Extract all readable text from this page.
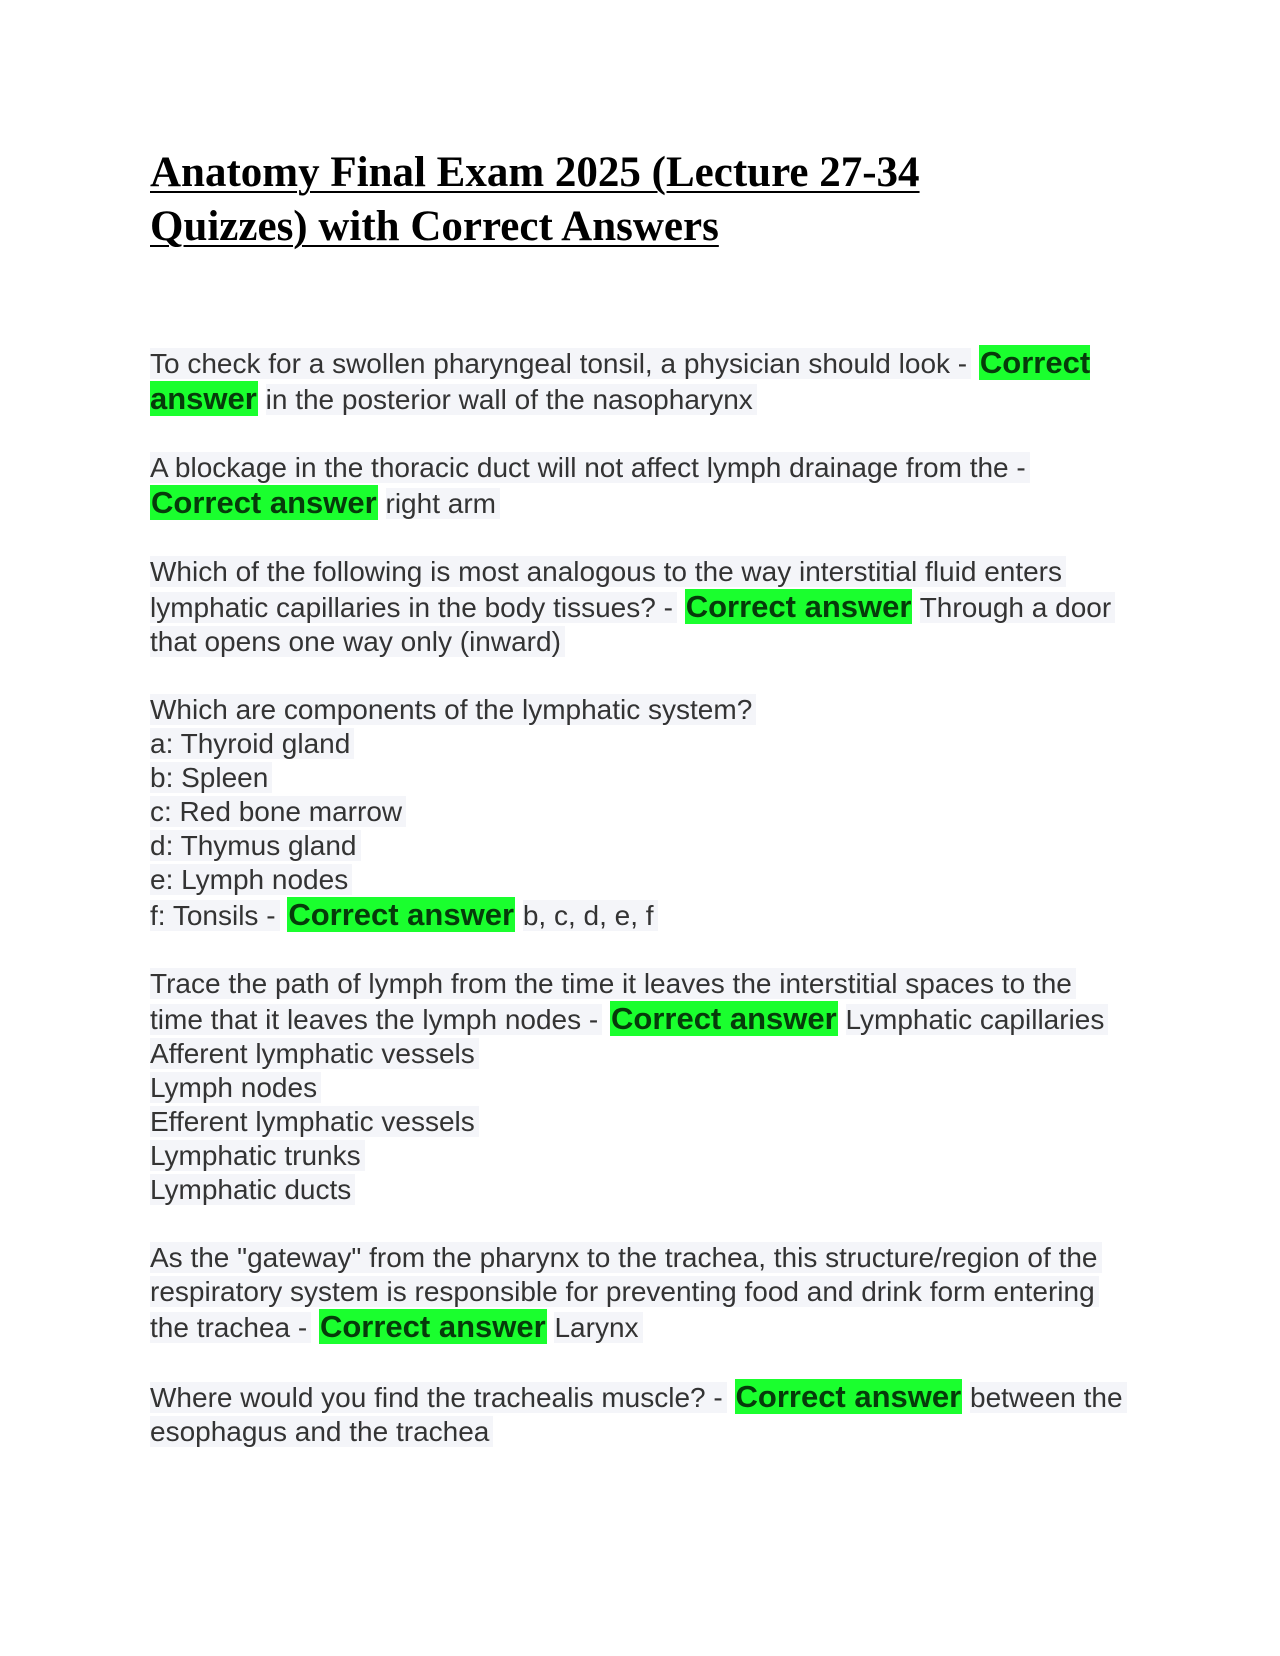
Anatomy Final Exam 2025 (Lecture 27-34 Quizzes) with Correct Answers
To check for a swollen pharyngeal tonsil, a physician should look - Correct answer in the posterior wall of the nasopharynx
A blockage in the thoracic duct will not affect lymph drainage from the - Correct answer right arm
Which of the following is most analogous to the way interstitial fluid enters lymphatic capillaries in the body tissues? - Correct answer Through a door that opens one way only (inward)
Which are components of the lymphatic system?
a: Thyroid gland
b: Spleen
c: Red bone marrow
d: Thymus gland
e: Lymph nodes
f: Tonsils - Correct answer b, c, d, e, f
Trace the path of lymph from the time it leaves the interstitial spaces to the time that it leaves the lymph nodes - Correct answer Lymphatic capillaries
Afferent lymphatic vessels
Lymph nodes
Efferent lymphatic vessels
Lymphatic trunks
Lymphatic ducts
As the "gateway" from the pharynx to the trachea, this structure/region of the respiratory system is responsible for preventing food and drink form entering the trachea - Correct answer Larynx
Where would you find the trachealis muscle? - Correct answer between the esophagus and the trachea
